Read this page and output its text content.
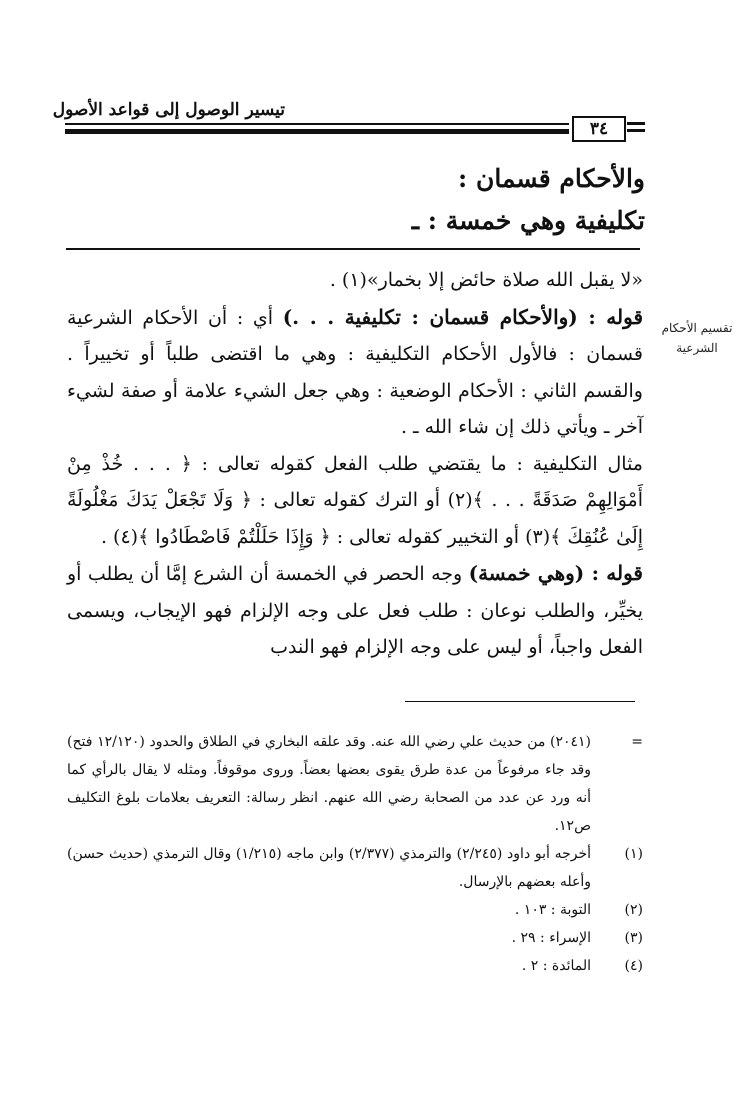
تيسير الوصول إلى قواعد الأصول
٣٤
والأحكام قسمان :
تكليفية وهي خمسة : ـ
تقسيم الأحكام الشرعية

«لا يقبل الله صلاة حائض إلا بخمار»(١) .

قوله : (والأحكام قسمان : تكليفية . . .) أي : أن الأحكام الشرعية قسمان : فالأول الأحكام التكليفية : وهي ما اقتضى طلباً أو تخييراً . والقسم الثاني : الأحكام الوضعية : وهي جعل الشيء علامة أو صفة لشيء آخر ـ ويأتي ذلك إن شاء الله ـ .

مثال التكليفية : ما يقتضي طلب الفعل كقوله تعالى : ﴿ . . . خُذْ مِنْ أَمْوَالِهِمْ صَدَقَةً . . . ﴾(٢) أو الترك كقوله تعالى : ﴿ وَلَا تَجْعَلْ يَدَكَ مَغْلُولَةً إِلَىٰ عُنُقِكَ ﴾(٣) أو التخيير كقوله تعالى : ﴿ وَإِذَا حَلَلْتُمْ فَاصْطَادُوا ﴾(٤) .

قوله : (وهي خمسة) وجه الحصر في الخمسة أن الشرع إمَّا أن يطلب أو يخيِّر، والطلب نوعان : طلب فعل على وجه الإلزام فهو الإيجاب، ويسمى الفعل واجباً، أو ليس على وجه الإلزام فهو الندب

=
(٢٠٤١) من حديث علي رضي الله عنه. وقد علقه البخاري في الطلاق والحدود (١٢/١٢٠ فتح) وقد جاء مرفوعاً من عدة طرق يقوى بعضها بعضاً. وروى موقوفاً. ومثله لا يقال بالرأي كما أنه ورد عن عدد من الصحابة رضي الله عنهم. انظر رسالة: التعريف بعلامات بلوغ التكليف ص١٢.
(١)
أخرجه أبو داود (٢/٢٤٥) والترمذي (٢/٣٧٧) وابن ماجه (١/٢١٥) وقال الترمذي (حديث حسن) وأعله بعضهم بالإرسال.
(٢)
التوبة : ١٠٣ .
(٣)
الإسراء : ٢٩ .
(٤)
المائدة : ٢ .
